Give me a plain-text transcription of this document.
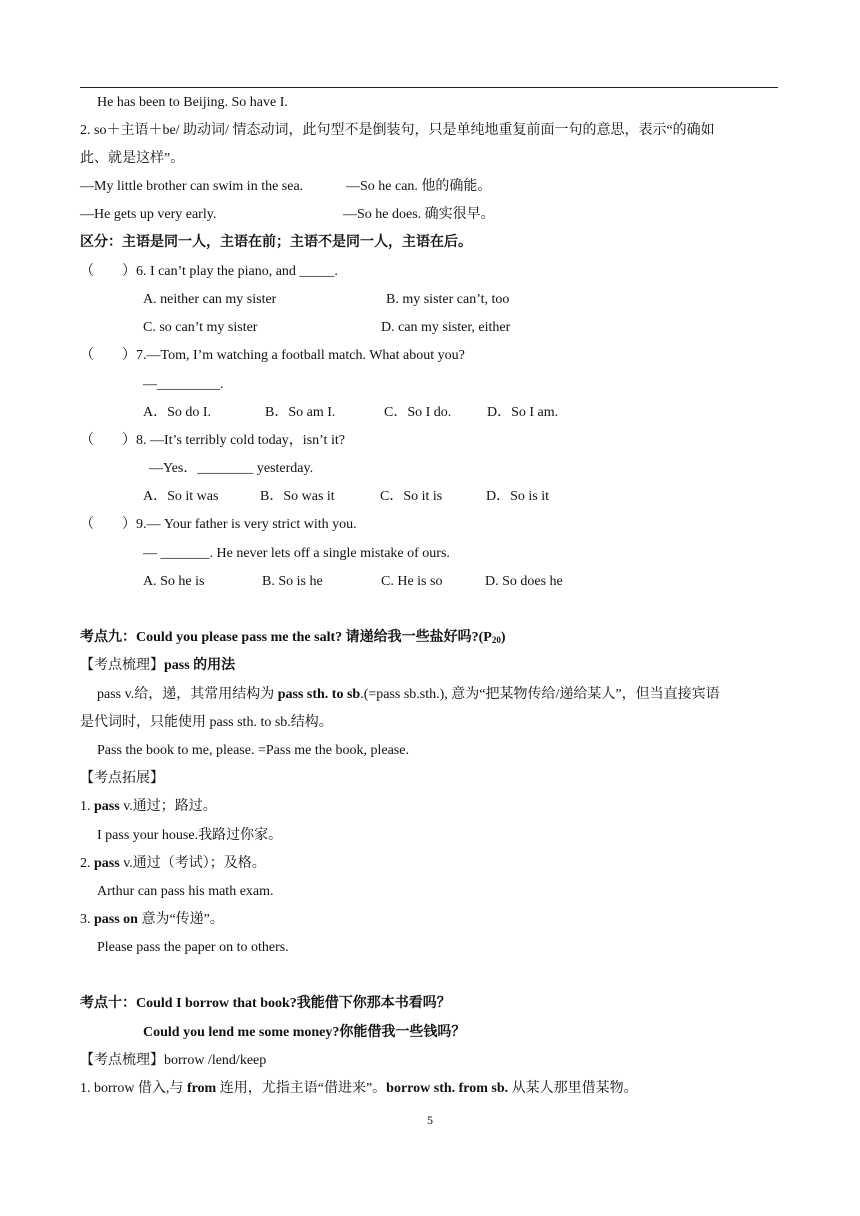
He has been to Beijing. So have I.
2. so＋主语＋be/ 助动词/ 情态动词，此句型不是倒装句，只是单纯地重复前面一句的意思，表示“的确如
此、就是这样”。
—My little brother can swim in the sea.	—So he can. 他的确能。
—He gets up very early.	—So he does. 确实很早。
区分：主语是同一人，主语在前；主语不是同一人，主语在后。
（　　）6. I can’t play the piano, and _____.
A. neither can my sister	B. my sister can’t, too
C. so can’t my sister	D. can my sister, either
（　　）7.—Tom, I’m watching a football match. What about you?
—_________.
A．So do I.	B．So am I.	C．So I do.	D．So I am.
（　　）8. —It’s terribly cold today，isn’t it?
—Yes．________ yesterday.
A．So it was	B．So was it	C．So it is	D．So is it
（　　）9.— Your father is very strict with you.
— _______. He never lets off a single mistake of ours.
A. So he is	B. So is he	C. He is so	D. So does he
考点九：Could you please pass me the salt? 请递给我一些盐好吗$?(P_{20})$
【考点梳理】pass 的用法
pass v.给，递，其常用结构为 pass sth. to sb.(=pass sb.sth.), 意为“把某物传给/递给某人”，但当直接宾语
是代词时，只能使用 pass sth. to sb.结构。
Pass the book to me, please. =Pass me the book, please.
【考点拓展】
1. pass v.通过；路过。
I pass your house.我路过你家。
2. pass v.通过（考试）；及格。
Arthur can pass his math exam.
3. pass on 意为“传递”。
Please pass the paper on to others.
考点十：Could I borrow that book?我能借下你那本书看吗？
Could you lend me some money?你能借我一些钱吗？
【考点梳理】borrow /lend/keep
1. borrow 借入,与 from 连用，尤指主语“借进来”。borrow sth. from sb. 从某人那里借某物。
5
